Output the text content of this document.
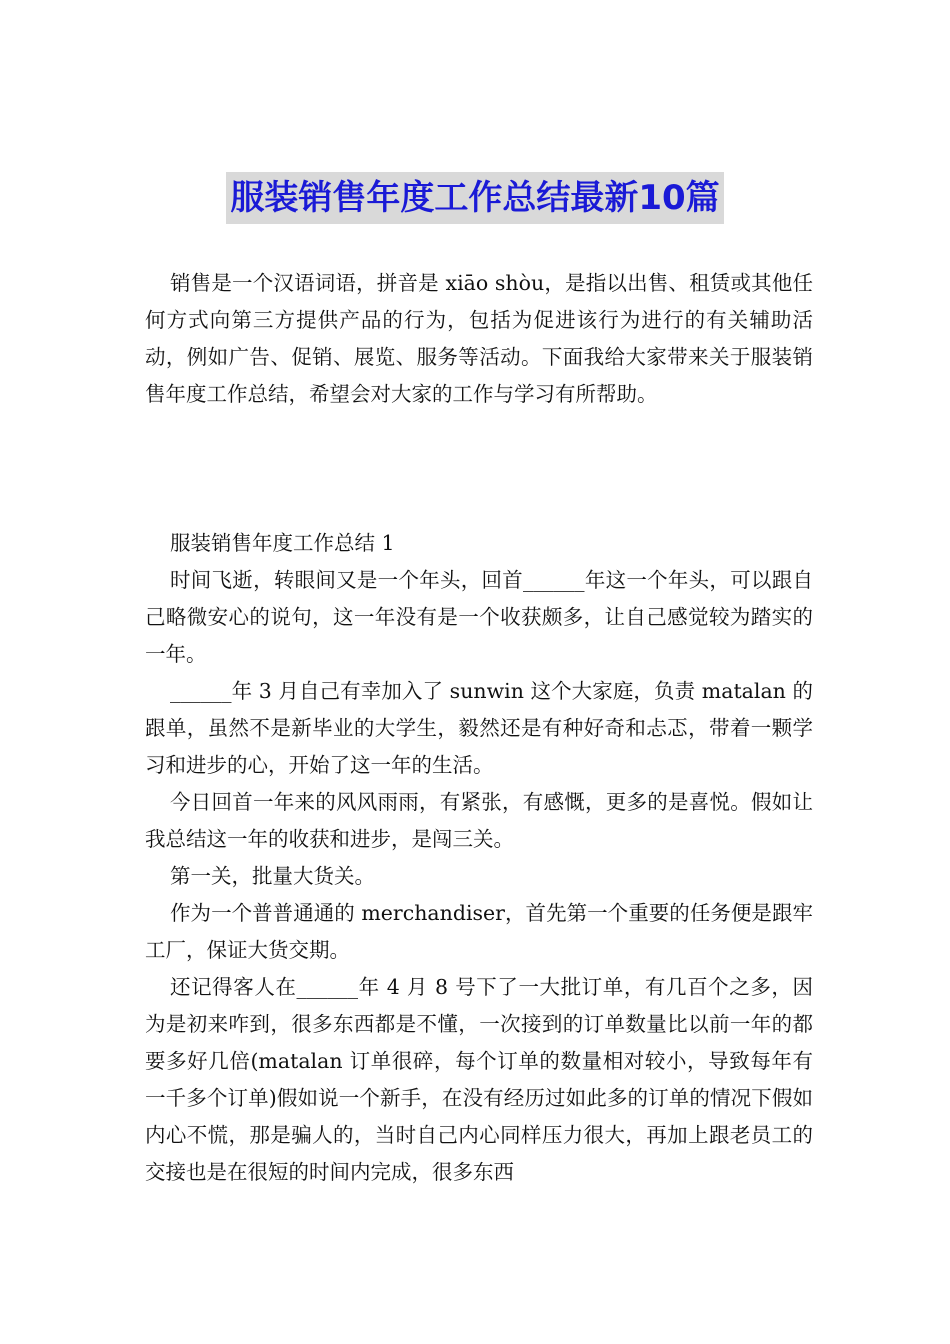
服装销售年度工作总结最新10篇

销售是一个汉语词语，拼音是 xiāo shòu，是指以出售、租赁或其他任何方式向第三方提供产品的行为，包括为促进该行为进行的有关辅助活动，例如广告、促销、展览、服务等活动。下面我给大家带来关于服装销售年度工作总结，希望会对大家的工作与学习有所帮助。

服装销售年度工作总结 1

时间飞逝，转眼间又是一个年头，回首______年这一个年头，可以跟自己略微安心的说句，这一年没有是一个收获颇多，让自己感觉较为踏实的一年。

______年 3 月自己有幸加入了 sunwin 这个大家庭，负责 matalan 的跟单，虽然不是新毕业的大学生，毅然还是有种好奇和忐忑，带着一颗学习和进步的心，开始了这一年的生活。

今日回首一年来的风风雨雨，有紧张，有感慨，更多的是喜悦。假如让我总结这一年的收获和进步，是闯三关。

第一关，批量大货关。

作为一个普普通通的 merchandiser，首先第一个重要的任务便是跟牢工厂，保证大货交期。

还记得客人在______年 4 月 8 号下了一大批订单，有几百个之多，因为是初来咋到，很多东西都是不懂，一次接到的订单数量比以前一年的都要多好几倍(matalan 订单很碎，每个订单的数量相对较小，导致每年有一千多个订单)假如说一个新手，在没有经历过如此多的订单的情况下假如内心不慌，那是骗人的，当时自己内心同样压力很大，再加上跟老员工的交接也是在很短的时间内完成，很多东西
